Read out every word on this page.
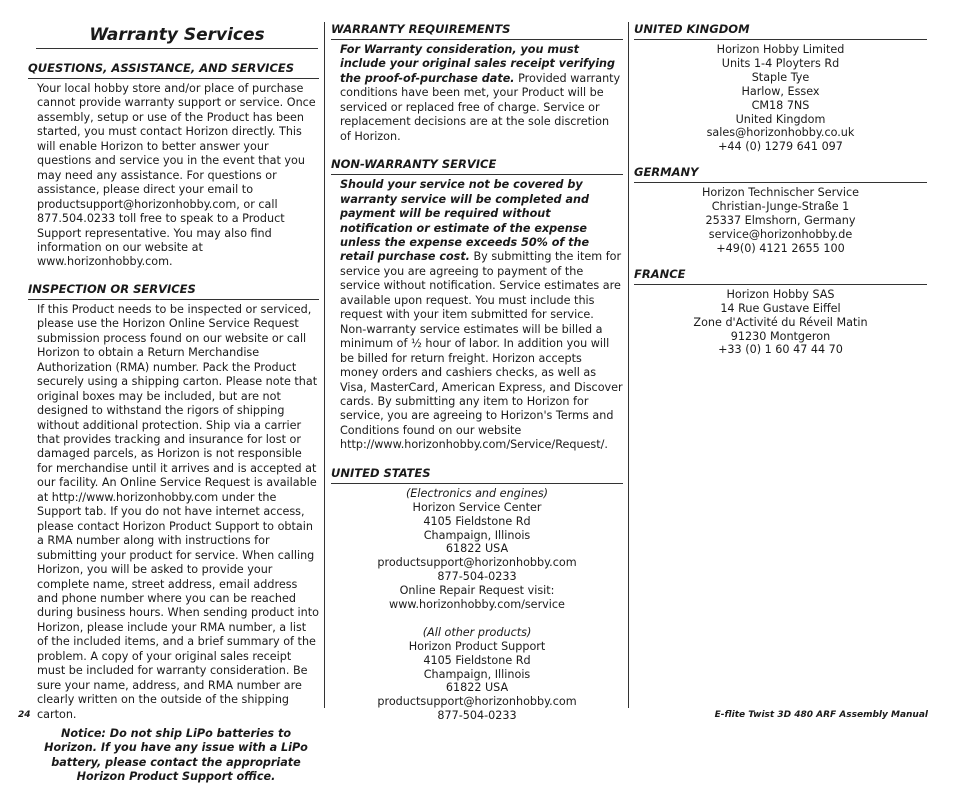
Warranty Services
QUESTIONS, ASSISTANCE, AND SERVICES

Your local hobby store and/or place of purchase cannot provide warranty support or service. Once assembly, setup or use of the Product has been started, you must contact Horizon directly. This will enable Horizon to better answer your questions and service you in the event that you may need any assistance. For questions or assistance, please direct your email to productsupport@horizonhobby.com, or call 877.504.0233 toll free to speak to a Product Support representative. You may also find information on our website at www.horizonhobby.com.

INSPECTION OR SERVICES

If this Product needs to be inspected or serviced, please use the Horizon Online Service Request submission process found on our website or call Horizon to obtain a Return Merchandise Authorization (RMA) number. Pack the Product securely using a shipping carton. Please note that original boxes may be included, but are not designed to withstand the rigors of shipping without additional protection. Ship via a carrier that provides tracking and insurance for lost or damaged parcels, as Horizon is not responsible for merchandise until it arrives and is accepted at our facility. An Online Service Request is available at http://www.horizonhobby.com under the Support tab. If you do not have internet access, please contact Horizon Product Support to obtain a RMA number along with instructions for submitting your product for service. When calling Horizon, you will be asked to provide your complete name, street address, email address and phone number where you can be reached during business hours. When sending product into Horizon, please include your RMA number, a list of the included items, and a brief summary of the problem. A copy of your original sales receipt must be included for warranty consideration. Be sure your name, address, and RMA number are clearly written on the outside of the shipping carton.

Notice: Do not ship LiPo batteries to Horizon. If you have any issue with a LiPo battery, please contact the appropriate Horizon Product Support office.
WARRANTY REQUIREMENTS

For Warranty consideration, you must include your original sales receipt verifying the proof-of-purchase date. Provided warranty conditions have been met, your Product will be serviced or replaced free of charge. Service or replacement decisions are at the sole discretion of Horizon.

NON-WARRANTY SERVICE

Should your service not be covered by warranty service will be completed and payment will be required without notification or estimate of the expense unless the expense exceeds 50% of the retail purchase cost. By submitting the item for service you are agreeing to payment of the service without notification. Service estimates are available upon request. You must include this request with your item submitted for service. Non-warranty service estimates will be billed a minimum of ½ hour of labor. In addition you will be billed for return freight. Horizon accepts money orders and cashiers checks, as well as Visa, MasterCard, American Express, and Discover cards. By submitting any item to Horizon for service, you are agreeing to Horizon's Terms and Conditions found on our website http://www.horizonhobby.com/Service/Request/.

UNITED STATES
(Electronics and engines)
Horizon Service Center
4105 Fieldstone Rd
Champaign, Illinois
61822 USA
productsupport@horizonhobby.com
877-504-0233
Online Repair Request visit:
www.horizonhobby.com/service
(All other products)
Horizon Product Support
4105 Fieldstone Rd
Champaign, Illinois
61822 USA
productsupport@horizonhobby.com
877-504-0233
UNITED KINGDOM
Horizon Hobby Limited
Units 1-4 Ployters Rd
Staple Tye
Harlow, Essex
CM18 7NS
United Kingdom
sales@horizonhobby.co.uk
+44 (0) 1279 641 097
GERMANY
Horizon Technischer Service
Christian-Junge-Straße 1
25337 Elmshorn, Germany
service@horizonhobby.de
+49(0) 4121 2655 100
FRANCE
Horizon Hobby SAS
14 Rue Gustave Eiffel
Zone d'Activité du Réveil Matin
91230 Montgeron
+33 (0) 1 60 47 44 70
24	E-flite Twist 3D 480 ARF Assembly Manual
